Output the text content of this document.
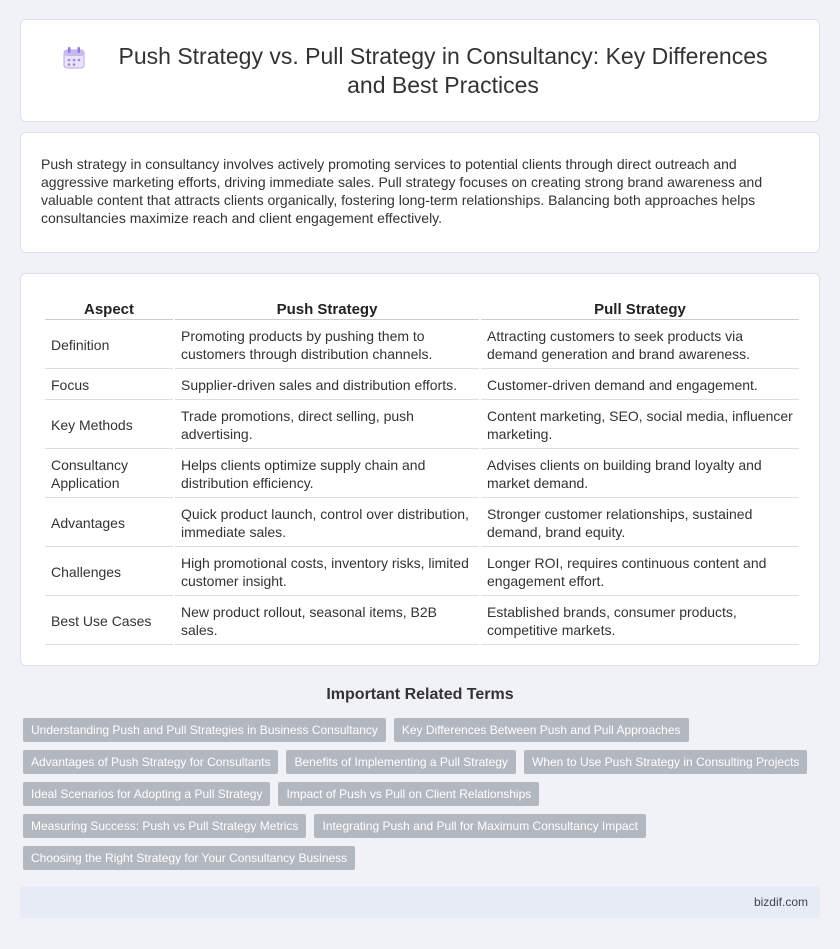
Push Strategy vs. Pull Strategy in Consultancy: Key Differences and Best Practices

Push strategy in consultancy involves actively promoting services to potential clients through direct outreach and aggressive marketing efforts, driving immediate sales. Pull strategy focuses on creating strong brand awareness and valuable content that attracts clients organically, fostering long-term relationships. Balancing both approaches helps consultancies maximize reach and client engagement effectively.

Aspect	Push Strategy	Pull Strategy
Definition	Promoting products by pushing them to customers through distribution channels.	Attracting customers to seek products via demand generation and brand awareness.
Focus	Supplier-driven sales and distribution efforts.	Customer-driven demand and engagement.
Key Methods	Trade promotions, direct selling, push advertising.	Content marketing, SEO, social media, influencer marketing.
Consultancy Application	Helps clients optimize supply chain and distribution efficiency.	Advises clients on building brand loyalty and market demand.
Advantages	Quick product launch, control over distribution, immediate sales.	Stronger customer relationships, sustained demand, brand equity.
Challenges	High promotional costs, inventory risks, limited customer insight.	Longer ROI, requires continuous content and engagement effort.
Best Use Cases	New product rollout, seasonal items, B2B sales.	Established brands, consumer products, competitive markets.
Important Related Terms
Understanding Push and Pull Strategies in Business Consultancy	Key Differences Between Push and Pull Approaches
Advantages of Push Strategy for Consultants	Benefits of Implementing a Pull Strategy	When to Use Push Strategy in Consulting Projects
Ideal Scenarios for Adopting a Pull Strategy	Impact of Push vs Pull on Client Relationships
Measuring Success: Push vs Pull Strategy Metrics	Integrating Push and Pull for Maximum Consultancy Impact
Choosing the Right Strategy for Your Consultancy Business
bizdif.com
